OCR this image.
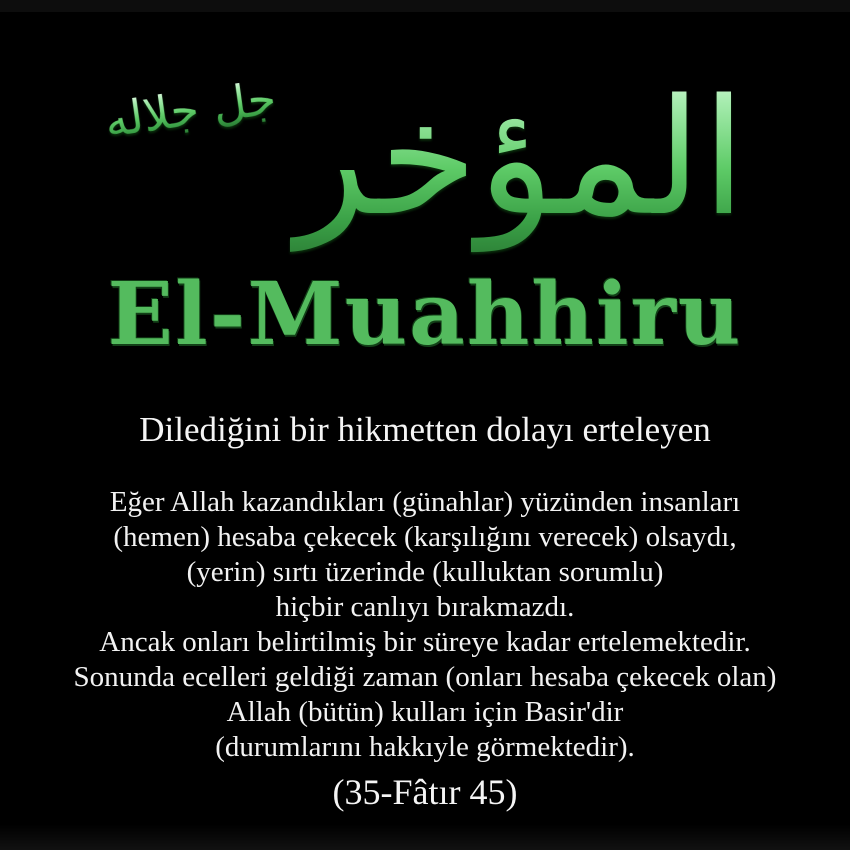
جل جلاله المؤخر
El-Muahhiru

Dilediğini bir hikmetten dolayı erteleyen

Eğer Allah kazandıkları (günahlar) yüzünden insanları
(hemen) hesaba çekecek (karşılığını verecek) olsaydı,
(yerin) sırtı üzerinde (kulluktan sorumlu)
hiçbir canlıyı bırakmazdı.
Ancak onları belirtilmiş bir süreye kadar ertelemektedir.
Sonunda ecelleri geldiği zaman (onları hesaba çekecek olan)
Allah (bütün) kulları için Basir'dir
(durumlarını hakkıyle görmektedir).

(35-Fâtır 45)
